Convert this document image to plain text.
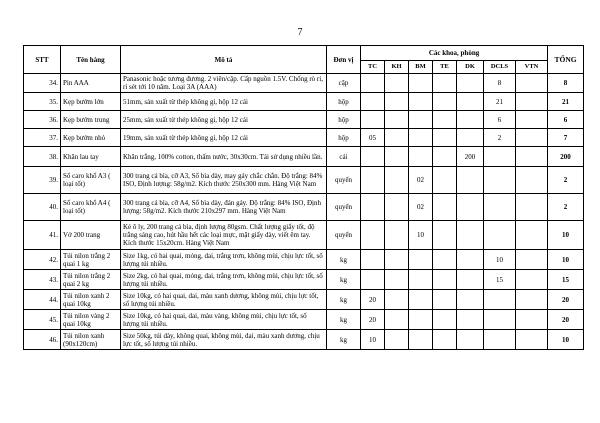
7
STT	Tên hàng	Mô tả	Đơn vị	Các khoa, phòng							TỔNG
				TC	KH	BM	TE	DK	DCLS	VTN	
34.	Pin AAA	Panasonic hoặc tương đương. 2 viên/cặp. Cấp nguồn 1.5V. Chống rò rỉ, rỉ sét tới 10 năm. Loại 3A (AAA)	cặp						8		8
35.	Kẹp bướm lớn	51mm, sản xuất từ thép không gỉ, hộp 12 cái	hộp						21		21
36.	Kẹp bướm trung	25mm, sản xuất từ thép không gỉ, hộp 12 cái	hộp						6		6
37.	Kẹp bướm nhỏ	19mm, sản xuất từ thép không gỉ, hộp 12 cái	hộp	05					2		7
38.	Khăn lau tay	Khăn trắng, 100% cotton, thấm nước, 30x30cm. Tái sử dụng nhiều lần.	cái					200			200
39.	Sổ caro khổ A3 ( loại tốt)	300 trang cả bìa, cỡ A3, Sổ bìa dày, may gáy chắc chắn. Độ trắng: 84% ISO, Định lượng: 58g/m2. Kích thước 250x300 mm. Hàng Việt Nam	quyển			02					2
40.	Sổ caro khổ A4 ( loại tốt)	300 trang cả bìa, cỡ A4, Sổ bìa dày, đán gáy. Độ trắng: 84% ISO, Định lượng: 58g/m2. Kích thước 210x297 mm. Hàng Việt Nam	quyển			02					2
41.	Vở 200 trang	Kẻ ô ly, 200 trang cả bìa, định lượng 80gsm. Chất lượng giấy tốt, độ trắng sáng cao, hút hầu hết các loại mực, mặt giấy dày, viết êm tay. Kích thước 15x20cm. Hàng Việt Nam	quyển			10					10
42.	Túi nilon trắng 2 quai 1 kg	Size 1kg, có hai quai, mỏng, dai, trắng trơn, không mùi, chịu lực tốt, số lượng túi nhiều.	kg						10		10
43.	Túi nilon trắng 2 quai 2 kg	Size 2kg, có hai quai, mỏng, dai, trắng trơn, không mùi, chịu lực tốt, số lượng túi nhiều.	kg						15		15
44.	Túi nilon xanh 2 quai 10kg	Size 10kg, có hai quai, dai, màu xanh dương, không mùi, chịu lực tốt, số lượng túi nhiều.	kg	20							20
45.	Túi nilon vàng 2 quai 10kg	Size 10kg, có hai quai, dai, màu vàng, không mùi, chịu lực tốt, số lượng túi nhiều.	kg	20							20
46.	Túi nilon xanh (90x120cm)	Size 50kg, túi dày, không quai, không mùi, dai, màu xanh dương, chịu lực tốt, số lượng túi nhiều.	kg	10							10
